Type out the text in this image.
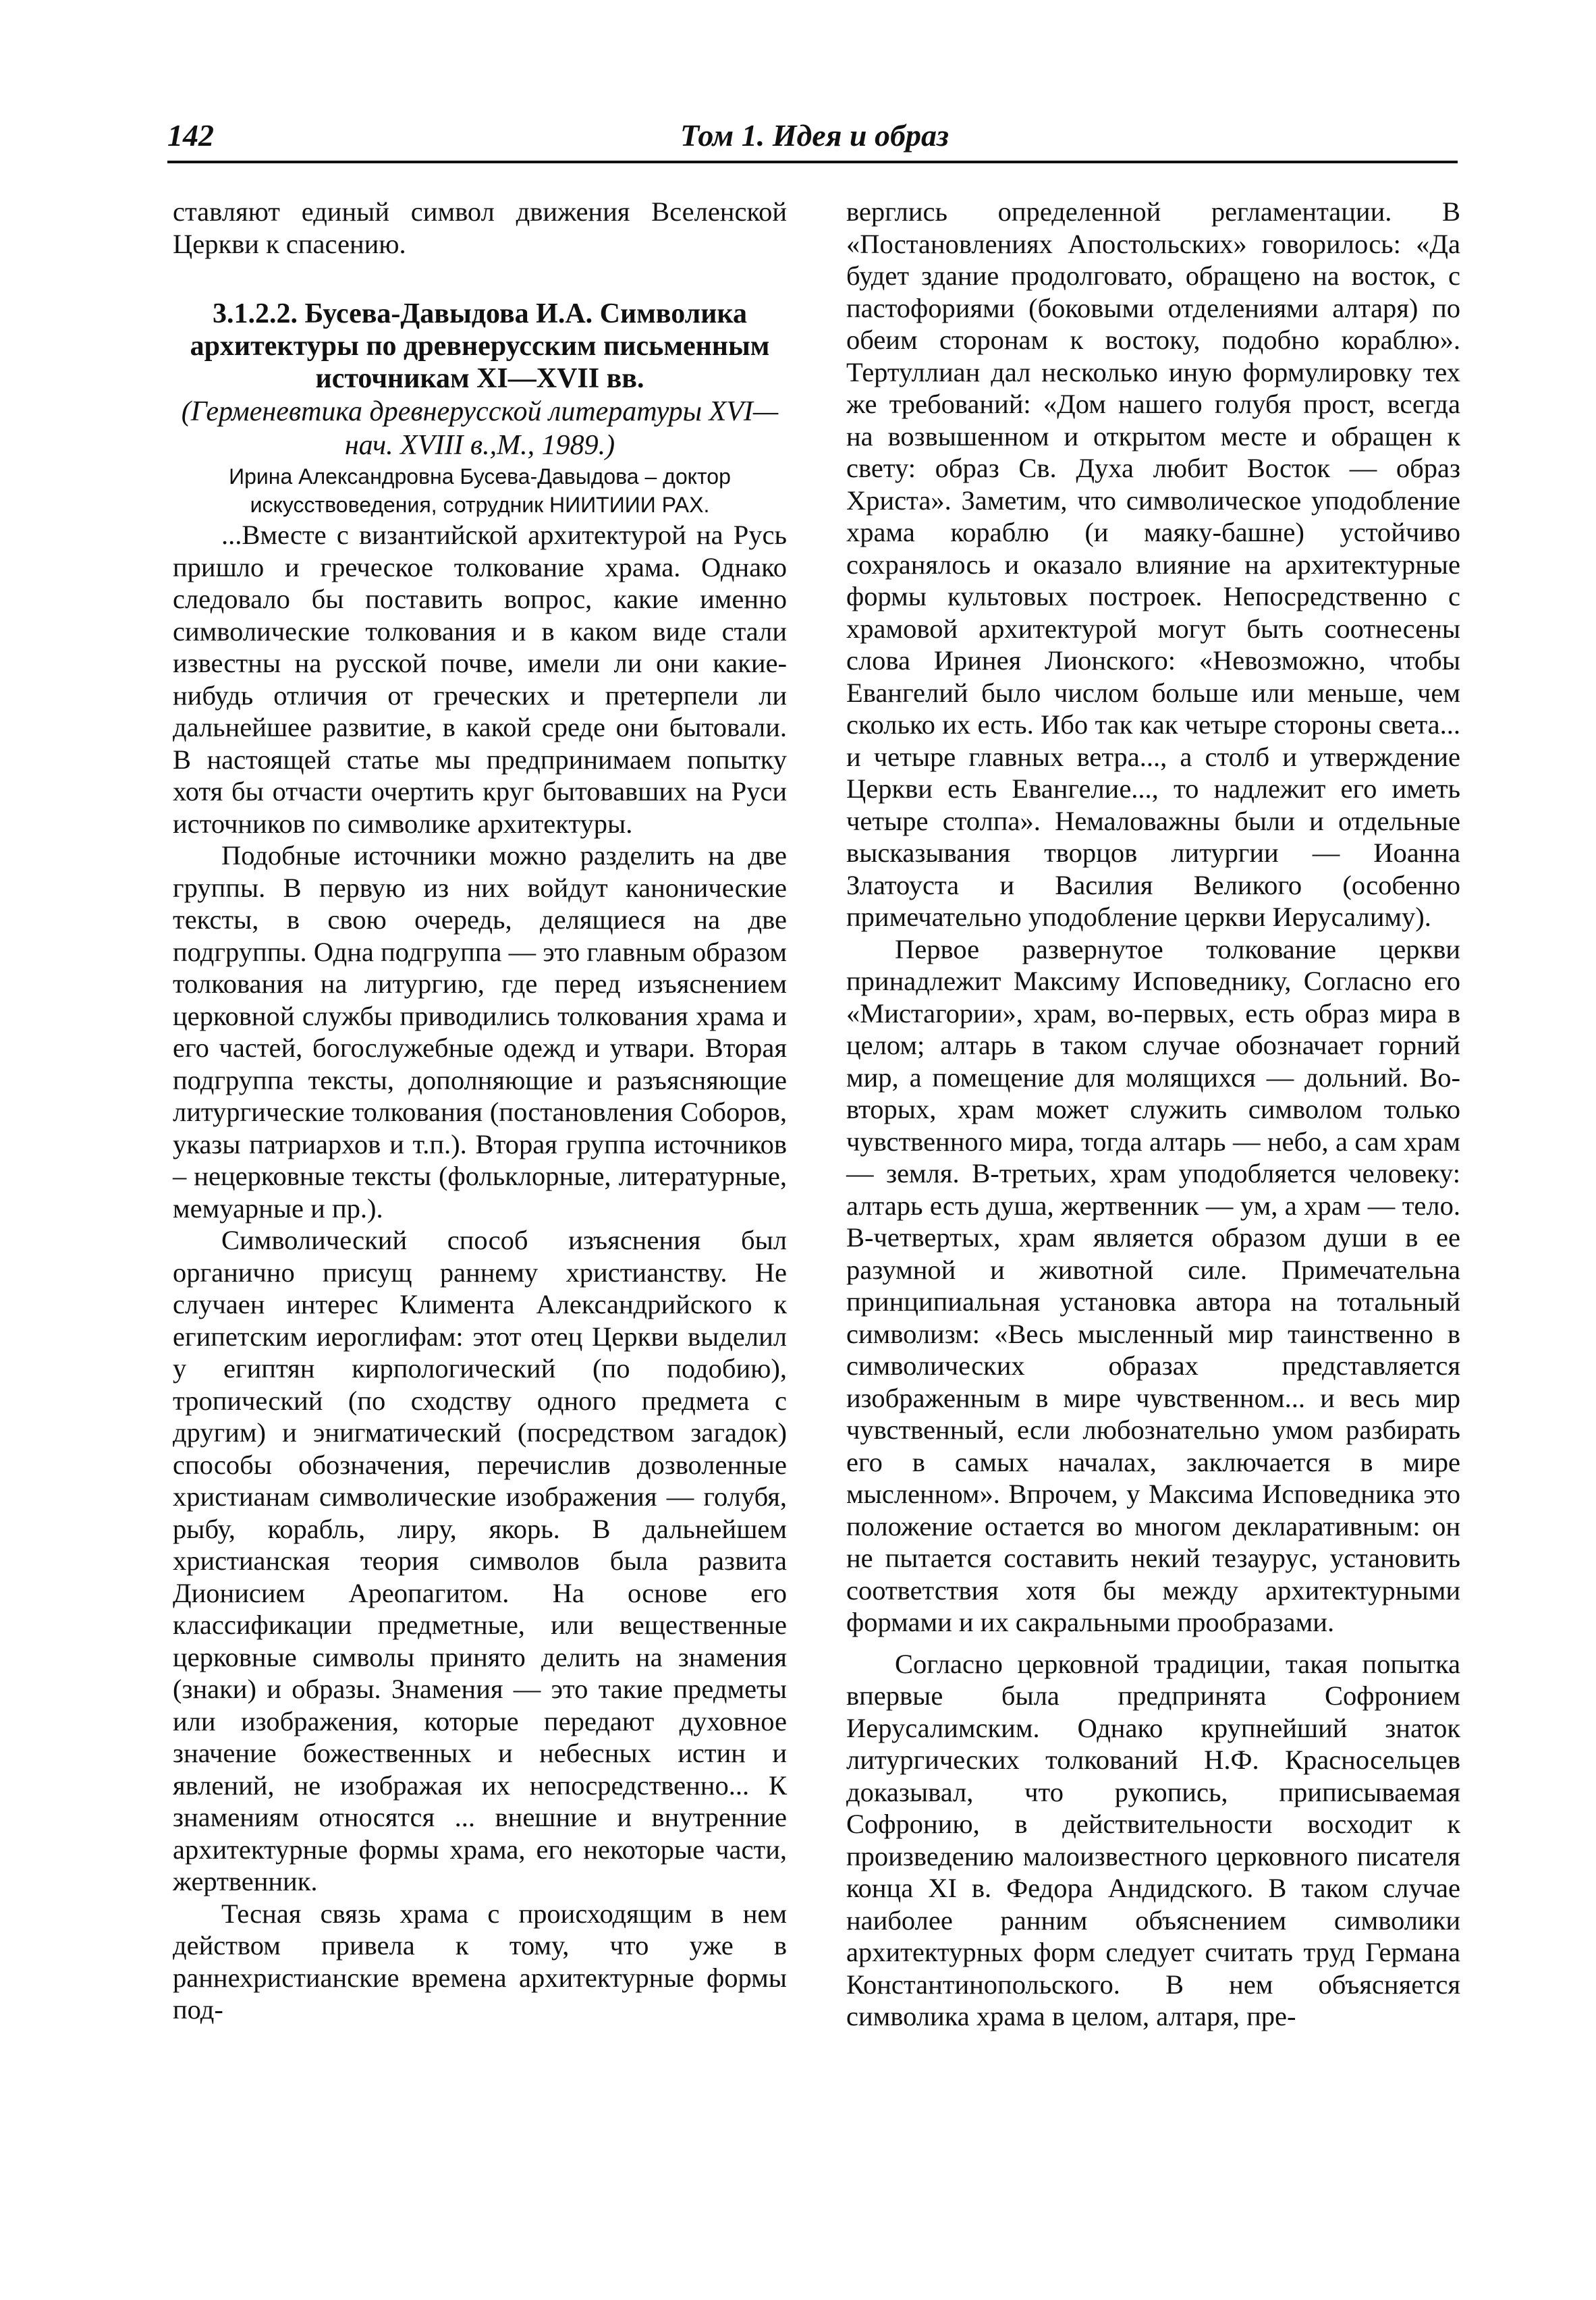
142	Том 1. Идея и образ

ставляют единый символ движения Вселенской Церкви к спасению.

3.1.2.2. Бусева-Давыдова И.А. Символика архитектуры по древнерусским письменным источникам XI—XVII вв.

(Герменевтика древнерусской литературы XVI— нач. XVIII в.,М., 1989.)

Ирина Александровна Бусева-Давыдова – доктор искусствоведения, сотрудник НИИТИИИ РАХ.

...Вместе с византийской архитектурой на Русь пришло и греческое толкование храма. Однако следовало бы поставить вопрос, какие именно символические толкования и в каком виде стали известны на русской почве, имели ли они какие-нибудь отличия от греческих и претерпели ли дальнейшее развитие, в какой среде они бытовали. В настоящей статье мы предпринимаем попытку хотя бы отчасти очертить круг бытовавших на Руси источников по символике архитектуры.

Подобные источники можно разделить на две группы. В первую из них войдут канонические тексты, в свою очередь, делящиеся на две подгруппы. Одна подгруппа — это главным образом толкования на литургию, где перед изъяснением церковной службы приводились толкования храма и его частей, богослужебные одежд и утвари. Вторая подгруппа тексты, дополняющие и разъясняющие литургические толкования (постановления Соборов, указы патриархов и т.п.). Вторая группа источников – нецерковные тексты (фольклорные, литературные, мемуарные и пр.).

Символический способ изъяснения был органично присущ раннему христианству. Не случаен интерес Климента Александрийского к египетским иероглифам: этот отец Церкви выделил у египтян кирпологический (по подобию), тропический (по сходству одного предмета с другим) и энигматический (посредством загадок) способы обозначения, перечислив дозволенные христианам символические изображения — голубя, рыбу, корабль, лиру, якорь. В дальнейшем христианская теория символов была развита Дионисием Ареопагитом. На основе его классификации предметные, или вещественные церковные символы принято делить на знамения (знаки) и образы. Знамения — это такие предметы или изображения, которые передают духовное значение божественных и небесных истин и явлений, не изображая их непосредственно... К знамениям относятся ... внешние и внутренние архитектурные формы храма, его некоторые части, жертвенник.

Тесная связь храма с происходящим в нем действом привела к тому, что уже в раннехристианские времена архитектурные формы под-

верглись определенной регламентации. В «Постановлениях Апостольских» говорилось: «Да будет здание продолговато, обращено на восток, с пастофориями (боковыми отделениями алтаря) по обеим сторонам к востоку, подобно кораблю». Тертуллиан дал несколько иную формулировку тех же требований: «Дом нашего голубя прост, всегда на возвышенном и открытом месте и обращен к свету: образ Св. Духа любит Восток — образ Христа». Заметим, что символическое уподобление храма кораблю (и маяку-башне) устойчиво сохранялось и оказало влияние на архитектурные формы культовых построек. Непосредственно с храмовой архитектурой могут быть соотнесены слова Иринея Лионского: «Невозможно, чтобы Евангелий было числом больше или меньше, чем сколько их есть. Ибо так как четыре стороны света... и четыре главных ветра..., а столб и утверждение Церкви есть Евангелие..., то надлежит его иметь четыре столпа». Немаловажны были и отдельные высказывания творцов литургии — Иоанна Златоуста и Василия Великого (особенно примечательно уподобление церкви Иерусалиму).

Первое развернутое толкование церкви принадлежит Максиму Исповеднику, Согласно его «Мистагории», храм, во-первых, есть образ мира в целом; алтарь в таком случае обозначает горний мир, а помещение для молящихся — дольний. Во-вторых, храм может служить символом только чувственного мира, тогда алтарь — небо, а сам храм — земля. В-третьих, храм уподобляется человеку: алтарь есть душа, жертвенник — ум, а храм — тело. В-четвертых, храм является образом души в ее разумной и животной силе. Примечательна принципиальная установка автора на тотальный символизм: «Весь мысленный мир таинственно в символических образах представляется изображенным в мире чувственном... и весь мир чувственный, если любознательно умом разбирать его в самых началах, заключается в мире мысленном». Впрочем, у Максима Исповедника это положение остается во многом декларативным: он не пытается составить некий тезаурус, установить соответствия хотя бы между архитектурными формами и их сакральными прообразами.

Согласно церковной традиции, такая попытка впервые была предпринята Софронием Иерусалимским. Однако крупнейший знаток литургических толкований Н.Ф. Красносельцев доказывал, что рукопись, приписываемая Софронию, в действительности восходит к произведению малоизвестного церковного писателя конца XI в. Федора Андидского. В таком случае наиболее ранним объяснением символики архитектурных форм следует считать труд Германа Константинопольского. В нем объясняется символика храма в целом, алтаря, пре-
